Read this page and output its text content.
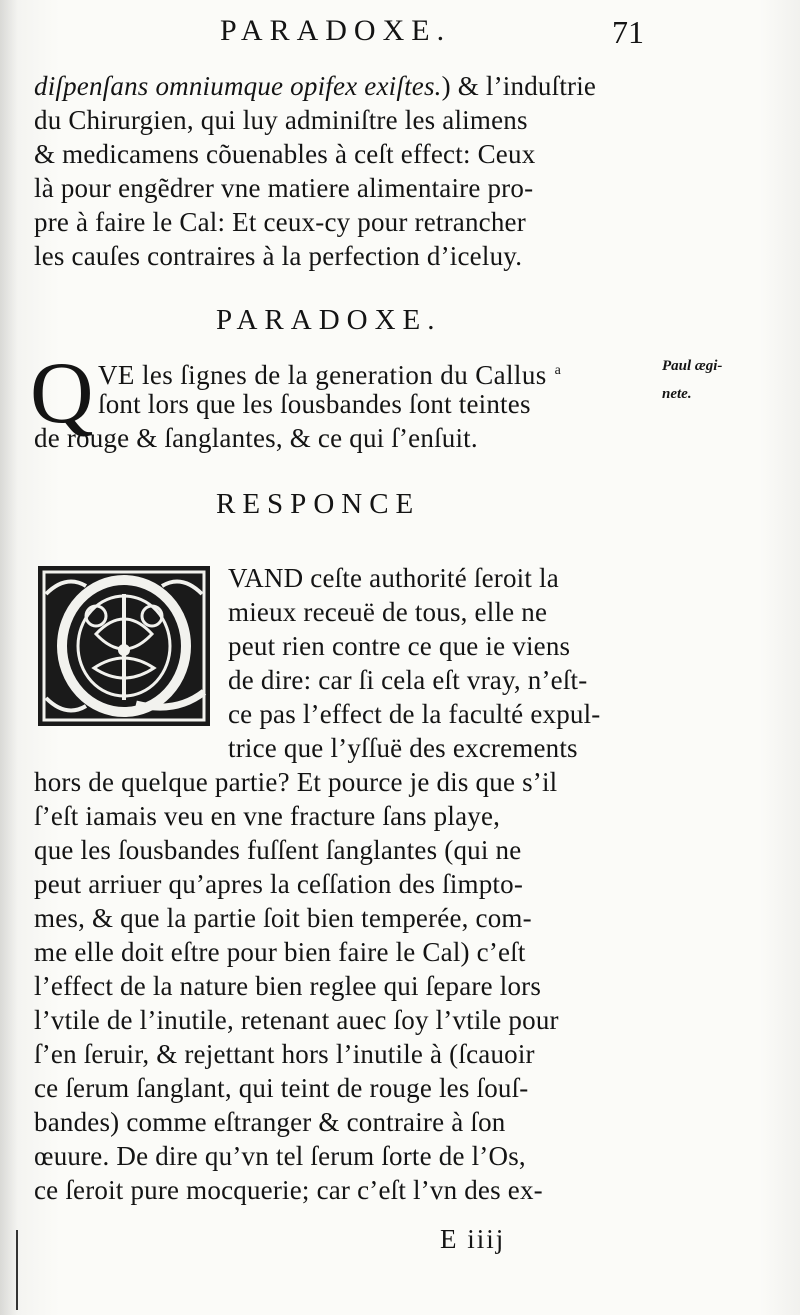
PARADOXE.	71
diſpenſans omniumque opifex exiſtes.) & l’induſtrie
du Chirurgien, qui luy adminiſtre les alimens
& medicamens cõuenables à ceſt effect: Ceux
là pour engẽdrer vne matiere alimentaire pro-
pre à faire le Cal: Et ceux-cy pour retrancher
les cauſes contraires à la perfection d’iceluy.
PARADOXE.
Q VE les ſignes de la generation du Callus $^a$
ſont lors que les ſousbandes ſont teintes
de rouge & ſanglantes, & ce qui ſ’enſuit.
Paul ægi-
nete.
RESPONCE
VAND ceſte authorité ſeroit la
mieux receuë de tous, elle ne
peut rien contre ce que ie viens
de dire: car ſi cela eſt vray, n’eſt-
ce pas l’effect de la faculté expul-
trice que l’yſſuë des excrements
hors de quelque partie? Et pource je dis que s’il
ſ’eſt iamais veu en vne fracture ſans playe,
que les ſousbandes fuſſent ſanglantes (qui ne
peut arriuer qu’apres la ceſſation des ſimpto-
mes, & que la partie ſoit bien temperée, com-
me elle doit eſtre pour bien faire le Cal) c’eſt
l’effect de la nature bien reglee qui ſepare lors
l’vtile de l’inutile, retenant auec ſoy l’vtile pour
ſ’en ſeruir, & rejettant hors l’inutile à (ſcauoir
ce ſerum ſanglant, qui teint de rouge les ſouſ-
bandes) comme eſtranger & contraire à ſon
œuure. De dire qu’vn tel ſerum ſorte de l’Os,
ce ſeroit pure mocquerie; car c’eſt l’vn des ex-
E iiij
